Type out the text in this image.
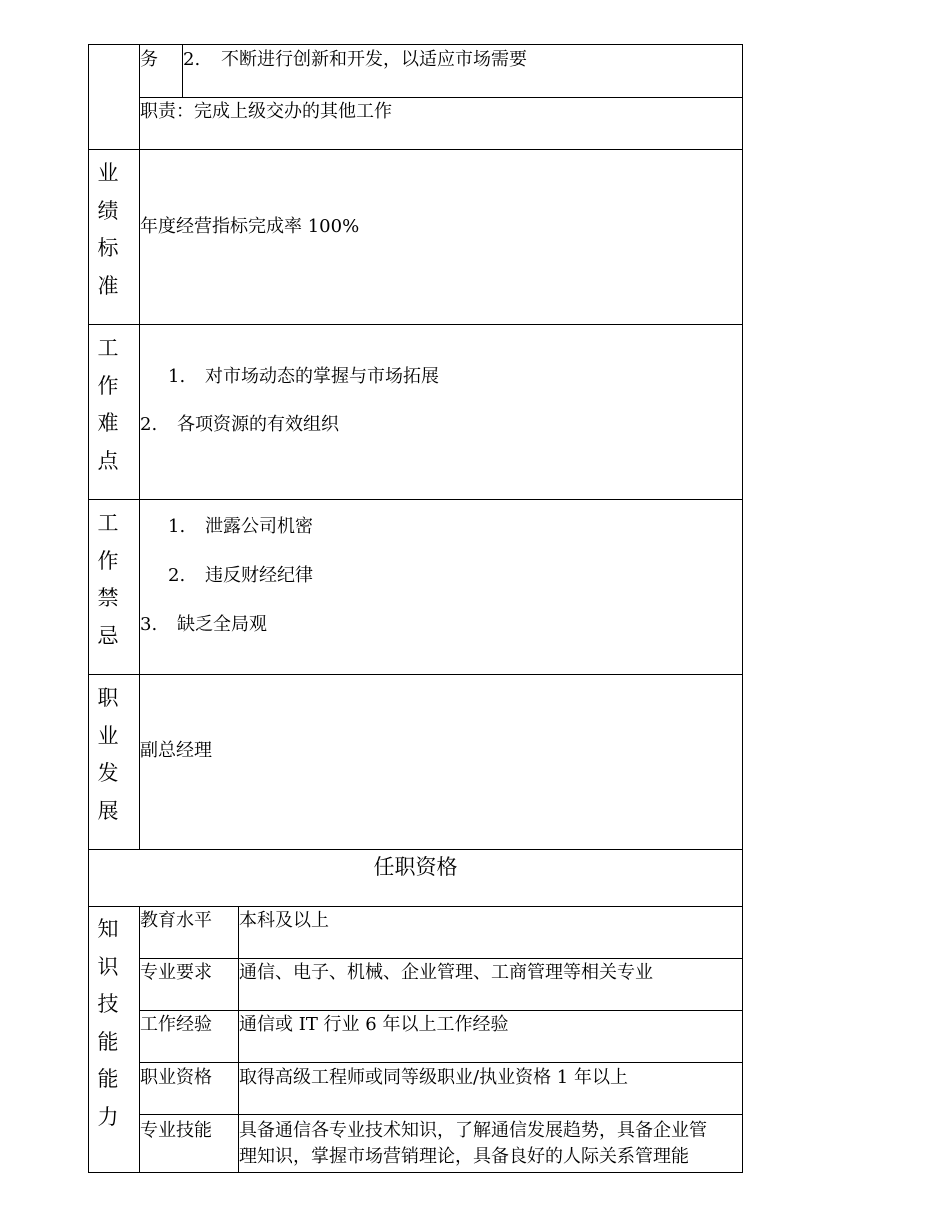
务 2. 不断进行创新和开发，以适应市场需要
职责：完成上级交办的其他工作
业
绩
标
准
年度经营指标完成率 100%
工
作
难
点
1. 对市场动态的掌握与市场拓展
2. 各项资源的有效组织
工
作
禁
忌
1. 泄露公司机密
2. 违反财经纪律
3. 缺乏全局观
职
业
发
展
副总经理
任职资格
知
识
技
能
能
力
教育水平 本科及以上
专业要求 通信、电子、机械、企业管理、工商管理等相关专业
工作经验 通信或 IT 行业 6 年以上工作经验
职业资格 取得高级工程师或同等级职业/执业资格 1 年以上
专业技能 具备通信各专业技术知识，了解通信发展趋势，具备企业管
理知识，掌握市场营销理论，具备良好的人际关系管理能
